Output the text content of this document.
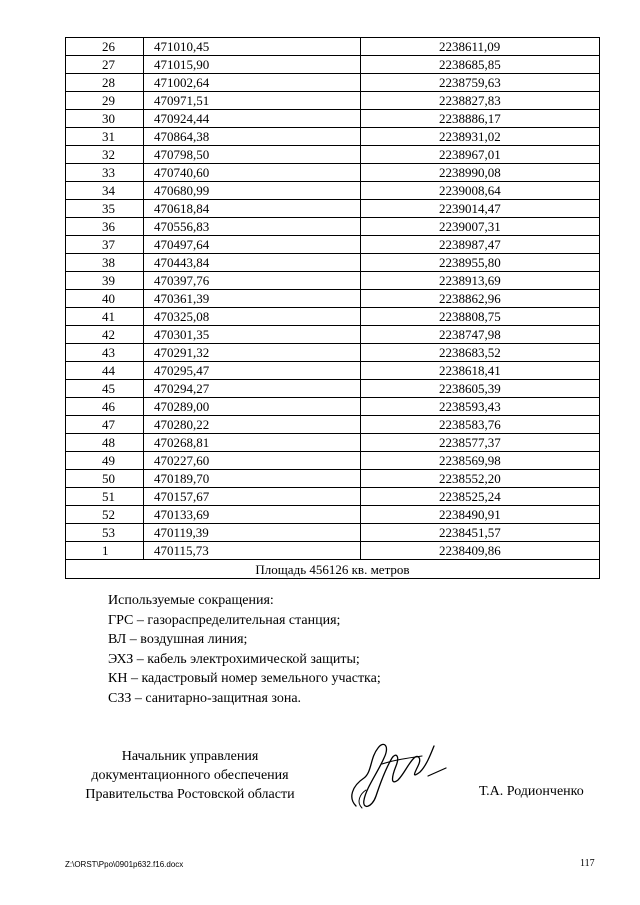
26	471010,45	2238611,09
27	471015,90	2238685,85
28	471002,64	2238759,63
29	470971,51	2238827,83
30	470924,44	2238886,17
31	470864,38	2238931,02
32	470798,50	2238967,01
33	470740,60	2238990,08
34	470680,99	2239008,64
35	470618,84	2239014,47
36	470556,83	2239007,31
37	470497,64	2238987,47
38	470443,84	2238955,80
39	470397,76	2238913,69
40	470361,39	2238862,96
41	470325,08	2238808,75
42	470301,35	2238747,98
43	470291,32	2238683,52
44	470295,47	2238618,41
45	470294,27	2238605,39
46	470289,00	2238593,43
47	470280,22	2238583,76
48	470268,81	2238577,37
49	470227,60	2238569,98
50	470189,70	2238552,20
51	470157,67	2238525,24
52	470133,69	2238490,91
53	470119,39	2238451,57
1	470115,73	2238409,86
Площадь 456126 кв. метров		
Используемые сокращения:
ГРС – газораспределительная станция;
ВЛ – воздушная линия;
ЭХЗ – кабель электрохимической защиты;
КН – кадастровый номер земельного участка;
СЗЗ – санитарно-защитная зона.
Начальник управления
документационного обеспечения
Правительства Ростовской области	Т.А. Родионченко
Z:\ORST\Ppo\0901p632.f16.docx	117
